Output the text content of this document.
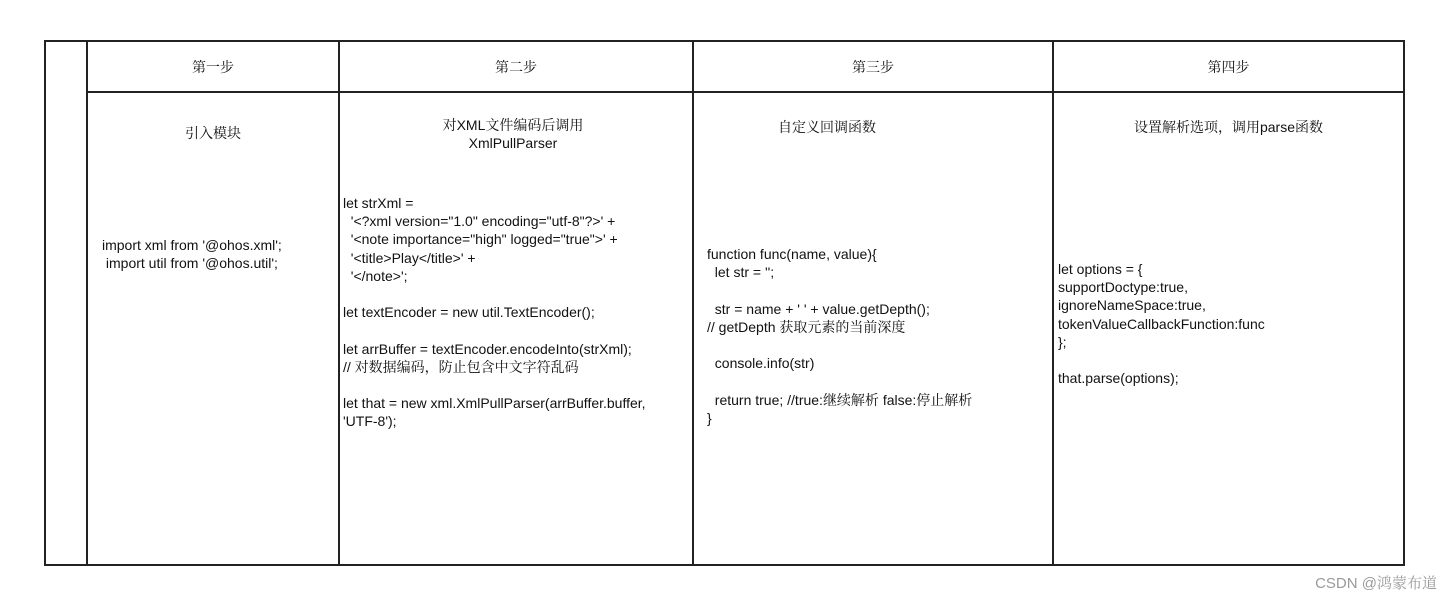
第一步
引入模块
import xml from '@ohos.xml';
import util from '@ohos.util';
第二步
对XML文件编码后调用
XmlPullParser
let strXml =
'<?xml version="1.0" encoding="utf-8"?>' +
'<note importance="high" logged="true">' +
'<title>Play</title>' +
'</note>';

let textEncoder = new util.TextEncoder();

let arrBuffer = textEncoder.encodeInto(strXml);
// 对数据编码，防止包含中文字符乱码

let that = new xml.XmlPullParser(arrBuffer.buffer,
'UTF-8');
第三步
自定义回调函数
function func(name, value){
let str = '';

str = name + ' ' + value.getDepth();
// getDepth 获取元素的当前深度

console.info(str)

return true; //true:继续解析 false:停止解析
}
第四步
设置解析选项，调用parse函数
let options = {
supportDoctype:true,
ignoreNameSpace:true,
tokenValueCallbackFunction:func
};

that.parse(options);
CSDN @鸿蒙布道
